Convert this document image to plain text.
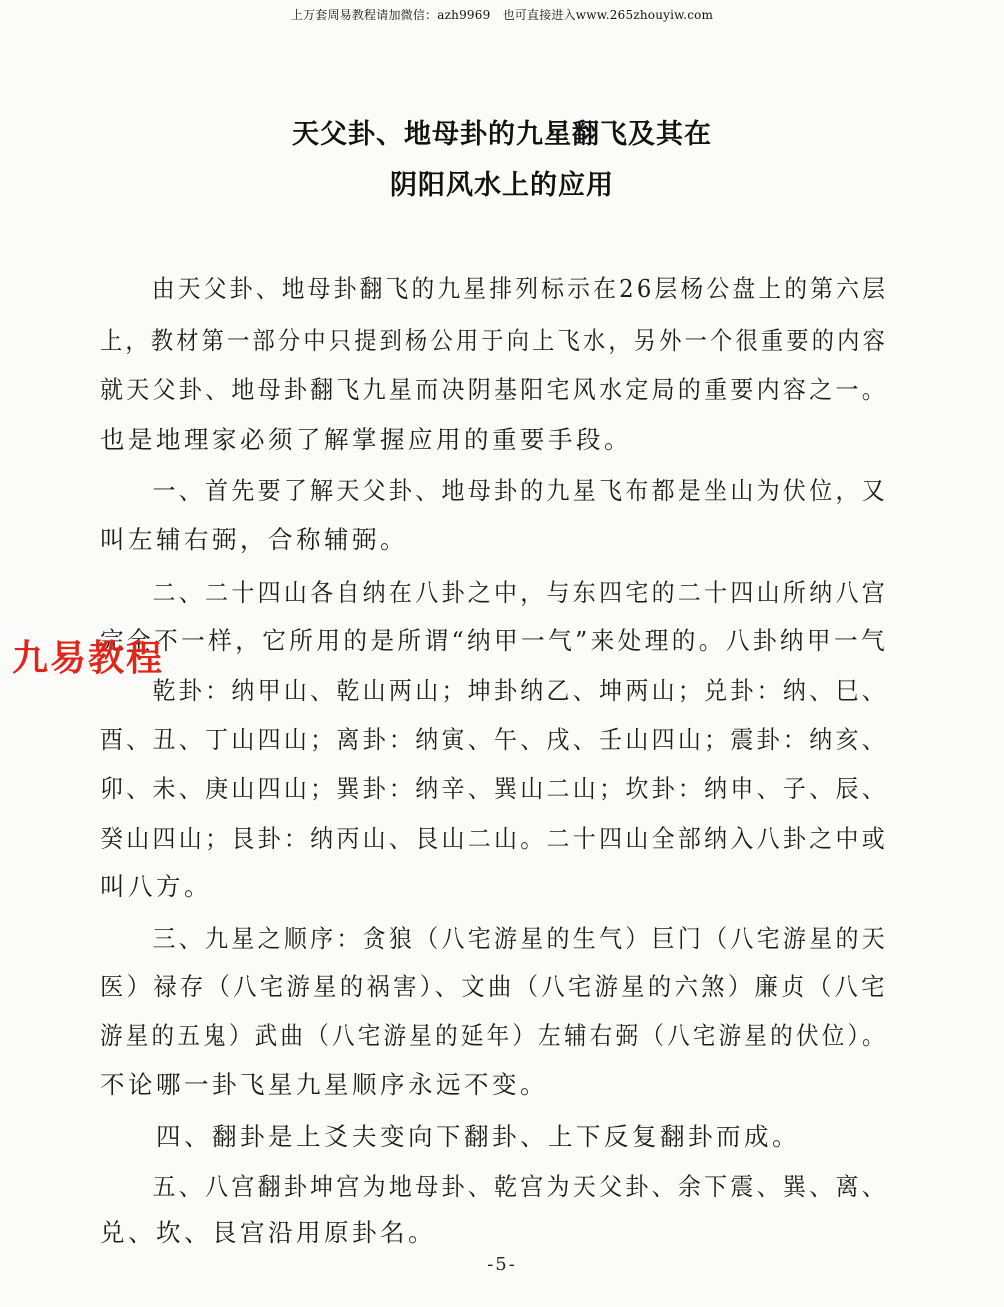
上万套周易教程请加微信：azh9969　也可直接进入www.265zhouyiw.com
天父卦、地母卦的九星翻飞及其在
阴阳风水上的应用
　　由天父卦、地母卦翻飞的九星排列标示在26层杨公盘上的第六层
上，教材第一部分中只提到杨公用于向上飞水，另外一个很重要的内容
就天父卦、地母卦翻飞九星而决阴基阳宅风水定局的重要内容之一。
也是地理家必须了解掌握应用的重要手段。
　　一、首先要了解天父卦、地母卦的九星飞布都是坐山为伏位，又
叫左辅右弼，合称辅弼。
　　二、二十四山各自纳在八卦之中，与东四宅的二十四山所纳八宫
完全不一样，它所用的是所谓“纳甲一气”来处理的。八卦纳甲一气
　　乾卦：纳甲山、乾山两山；坤卦纳乙、坤两山；兑卦：纳、巳、
酉、丑、丁山四山；离卦：纳寅、午、戌、壬山四山；震卦：纳亥、
卯、未、庚山四山；巽卦：纳辛、巽山二山；坎卦：纳申、子、辰、
癸山四山；艮卦：纳丙山、艮山二山。二十四山全部纳入八卦之中或
叫八方。
　　三、九星之顺序：贪狼（八宅游星的生气）巨门（八宅游星的天
医）禄存（八宅游星的祸害）、文曲（八宅游星的六煞）廉贞（八宅
游星的五鬼）武曲（八宅游星的延年）左辅右弼（八宅游星的伏位）。
不论哪一卦飞星九星顺序永远不变。
　　四、翻卦是上爻夫变向下翻卦、上下反复翻卦而成。
　　五、八宫翻卦坤宫为地母卦、乾宫为天父卦、余下震、巽、离、
兑、坎、艮宫沿用原卦名。
九易教程
-5-
